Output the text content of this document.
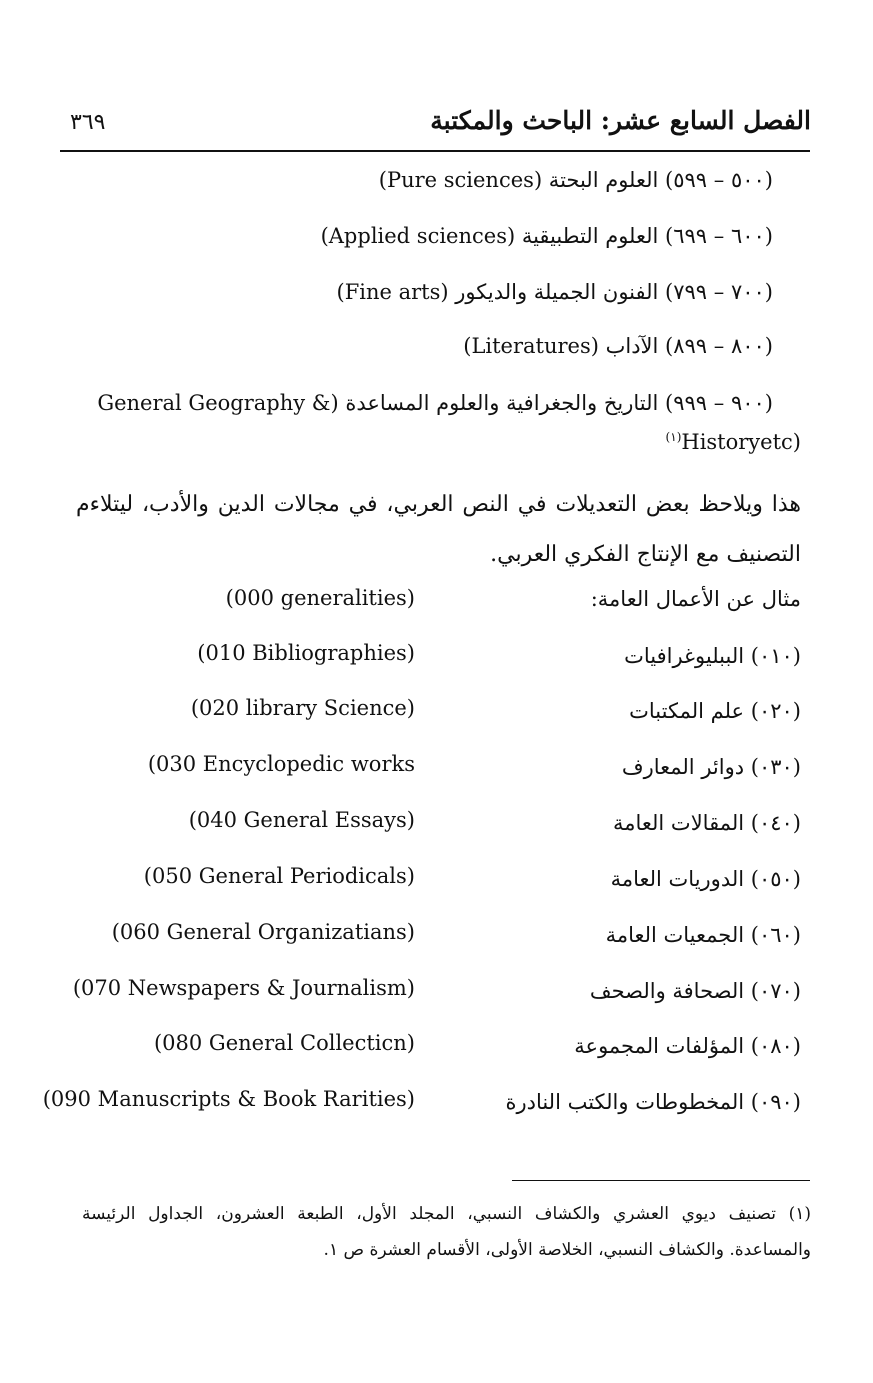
الفصل السابع عشر: الباحث والمكتبة
٣٦٩
(٥٠٠ – ٥٩٩) العلوم البحتة (Pure sciences)
(٦٠٠ – ٦٩٩) العلوم التطبيقية (Applied sciences)
(٧٠٠ – ٧٩٩) الفنون الجميلة والديكور (Fine arts)
(٨٠٠ – ٨٩٩) الآداب (Literatures)
(٩٠٠ – ٩٩٩) التاريخ والجغرافية والعلوم المساعدة (& General Geography
$^{(١)}$Historyetc)
هذا ويلاحظ بعض التعديلات في النص العربي، في مجالات الدين والأدب، ليتلاءم التصنيف مع الإنتاج الفكري العربي.
مثال عن الأعمال العامة:
(000 generalities)
(010 Bibliographies)	(٠١٠) الببليوغرافيات
(020 library Science)	(٠٢٠) علم المكتبات
(030 Encyclopedic works	(٠٣٠) دوائر المعارف
(040 General Essays)	(٠٤٠) المقالات العامة
(050 General Periodicals)	(٠٥٠) الدوريات العامة
(060 General Organizatians)	(٠٦٠) الجمعيات العامة
(070 Newspapers & Journalism)	(٠٧٠) الصحافة والصحف
(080 General Collecticn)	(٠٨٠) المؤلفات المجموعة
(090 Manuscripts & Book Rarities)	(٠٩٠) المخطوطات والكتب النادرة
(١) تصنيف ديوي العشري والكشاف النسبي، المجلد الأول، الطبعة العشرون، الجداول الرئيسة والمساعدة. والكشاف النسبي، الخلاصة الأولى، الأقسام العشرة ص ١.
